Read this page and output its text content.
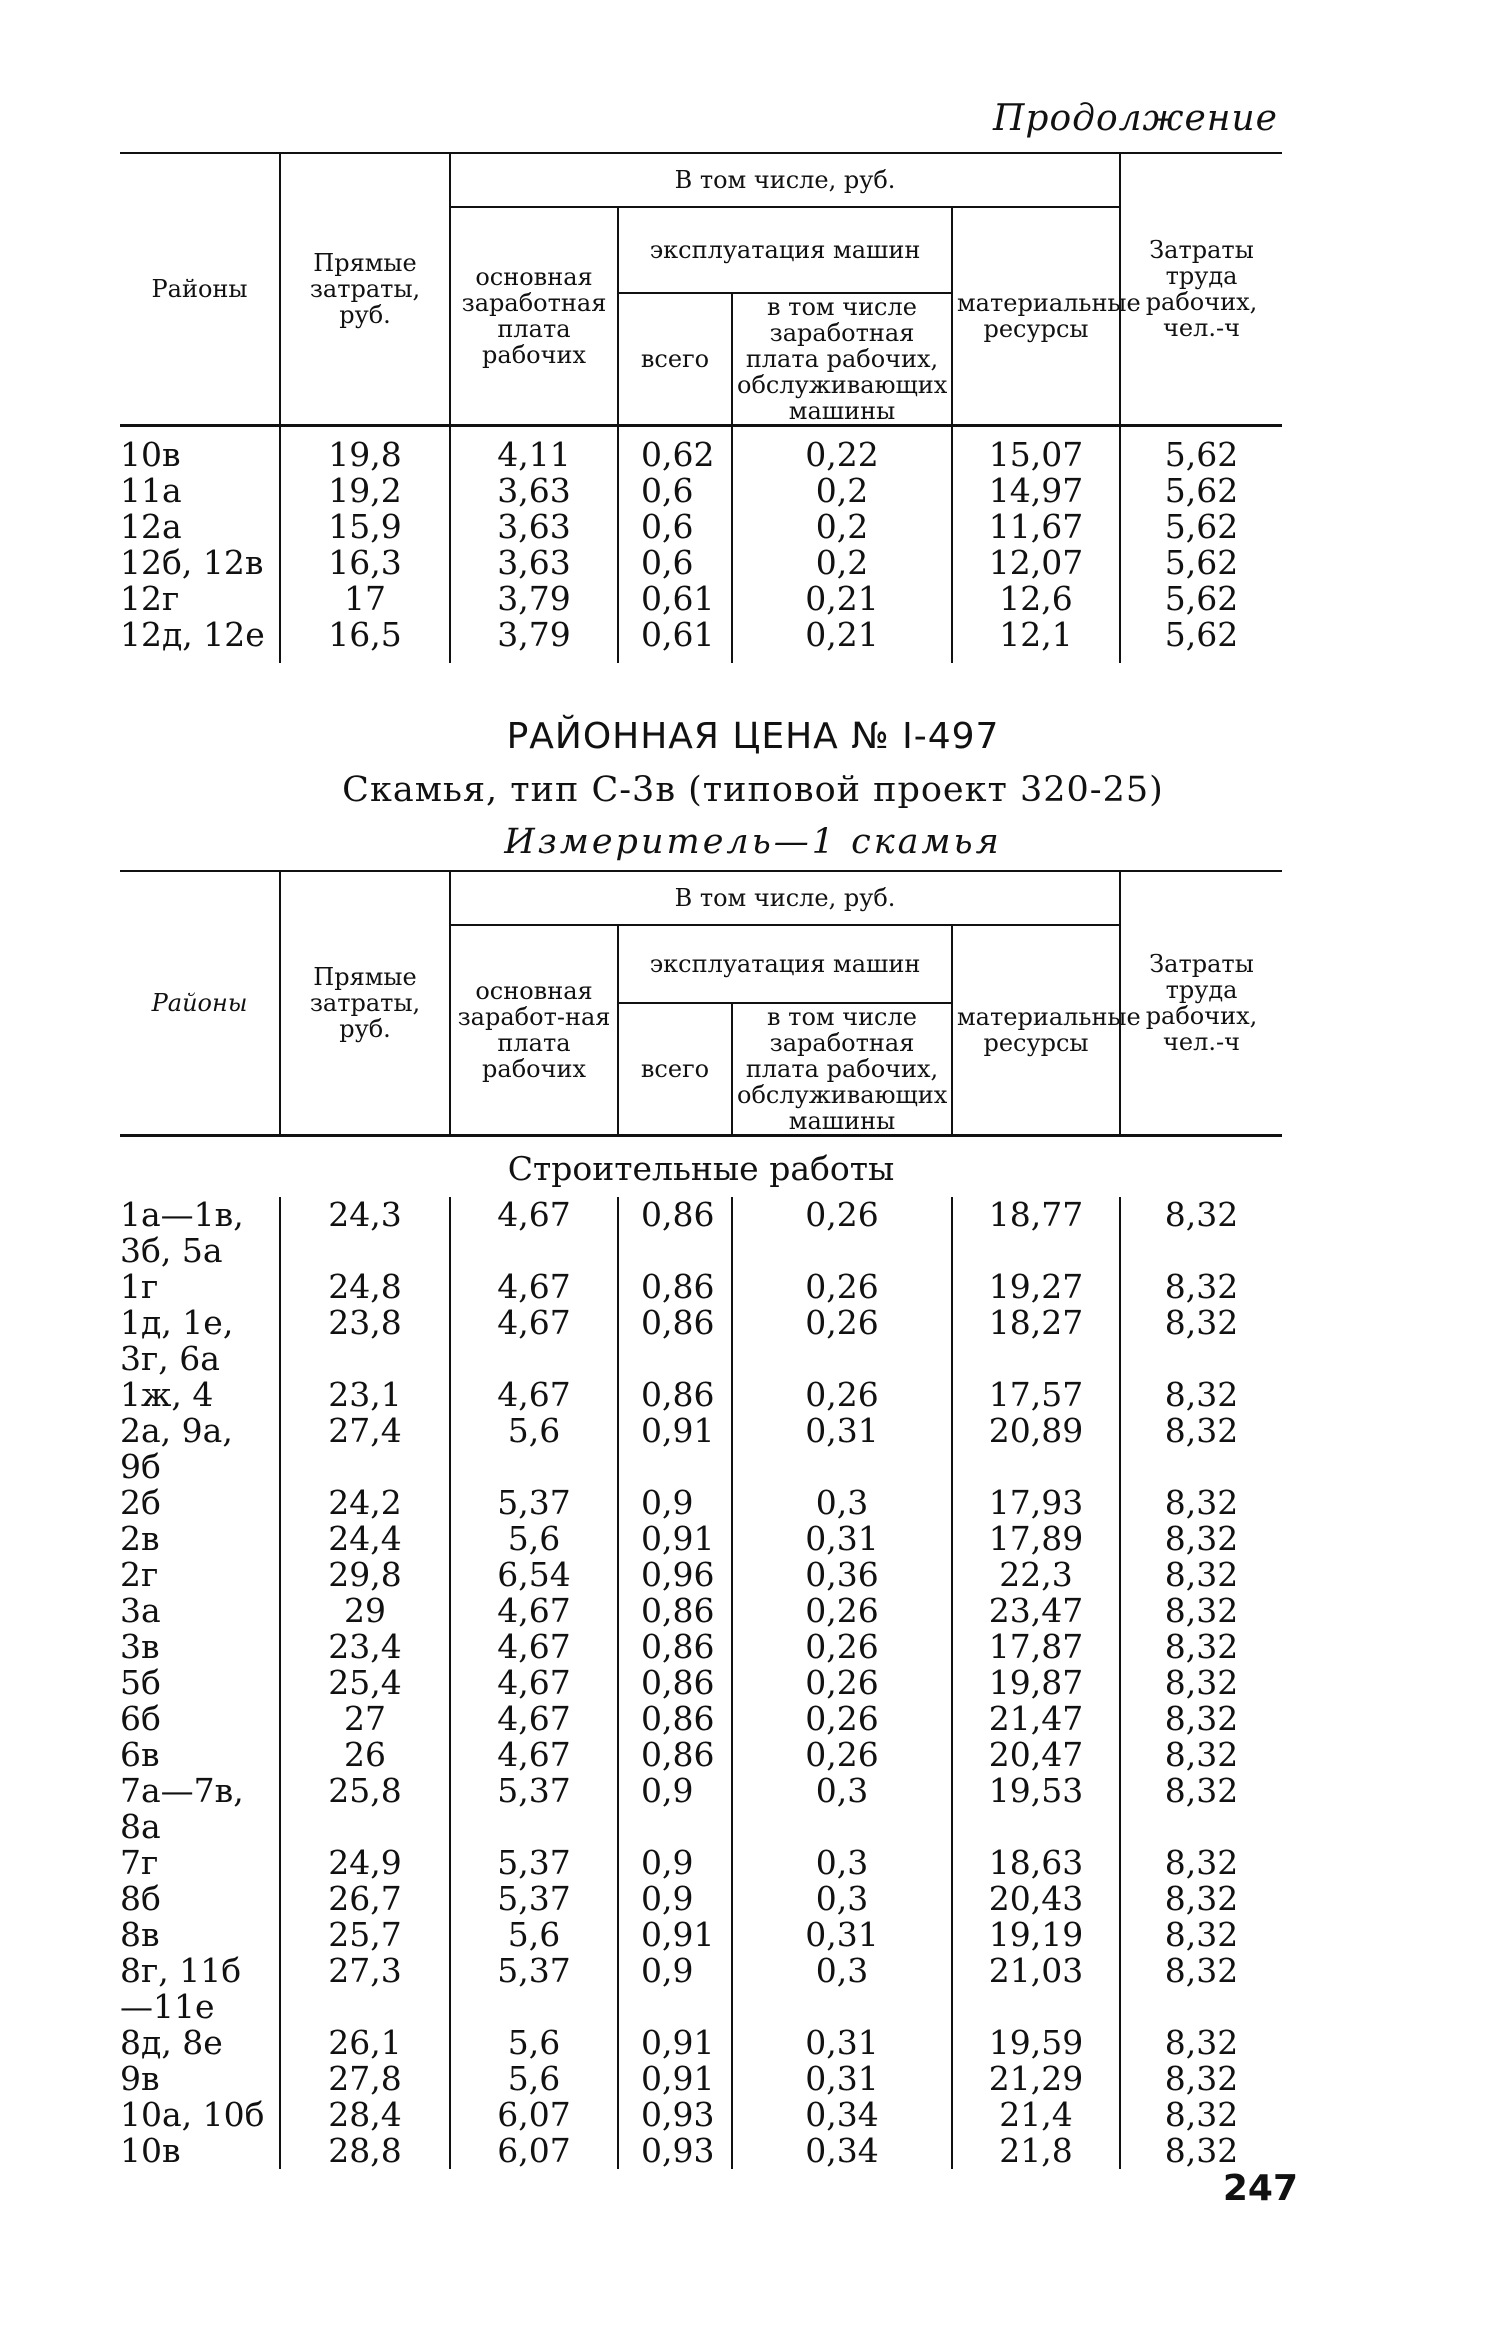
Продолжение
Районы	Прямые затраты, руб.	В том числе, руб.				Затраты труда рабочих, чел.-ч
		основная заработная плата рабочих	эксплуатация машин		материальные ресурсы	
			всего	в том числе заработная плата рабочих, обслуживающих машины		

10в	19,8	4,11	0,62	0,22	15,07	5,62
11а	19,2	3,63	0,6	0,2	14,97	5,62
12а	15,9	3,63	0,6	0,2	11,67	5,62
12б, 12в	16,3	3,63	0,6	0,2	12,07	5,62
12г	17	3,79	0,61	0,21	12,6	5,62
12д, 12е	16,5	3,79	0,61	0,21	12,1	5,62

РАЙОННАЯ ЦЕНА № I-497
Скамья, тип С-3в (типовой проект 320-25)
Измеритель—1 скамья
Районы	Прямые затраты, руб.	В том числе, руб.				Затраты труда рабочих, чел.-ч
		основная заработ-ная плата рабочих	эксплуатация машин		материальные ресурсы	
			всего	в том числе заработная плата рабочих, обслуживающих машины		
Строительные работы						
1а—1в, 3б, 5а	24,3	4,67	0,86	0,26	18,77	8,32
1г	24,8	4,67	0,86	0,26	19,27	8,32
1д, 1е, 3г, 6а	23,8	4,67	0,86	0,26	18,27	8,32
1ж, 4	23,1	4,67	0,86	0,26	17,57	8,32
2а, 9а, 9б	27,4	5,6	0,91	0,31	20,89	8,32
2б	24,2	5,37	0,9	0,3	17,93	8,32
2в	24,4	5,6	0,91	0,31	17,89	8,32
2г	29,8	6,54	0,96	0,36	22,3	8,32
3а	29	4,67	0,86	0,26	23,47	8,32
3в	23,4	4,67	0,86	0,26	17,87	8,32
5б	25,4	4,67	0,86	0,26	19,87	8,32
6б	27	4,67	0,86	0,26	21,47	8,32
6в	26	4,67	0,86	0,26	20,47	8,32
7а—7в, 8а	25,8	5,37	0,9	0,3	19,53	8,32
7г	24,9	5,37	0,9	0,3	18,63	8,32
8б	26,7	5,37	0,9	0,3	20,43	8,32
8в	25,7	5,6	0,91	0,31	19,19	8,32
8г, 11б—11е	27,3	5,37	0,9	0,3	21,03	8,32
8д, 8е	26,1	5,6	0,91	0,31	19,59	8,32
9в	27,8	5,6	0,91	0,31	21,29	8,32
10а, 10б	28,4	6,07	0,93	0,34	21,4	8,32
10в	28,8	6,07	0,93	0,34	21,8	8,32
247
